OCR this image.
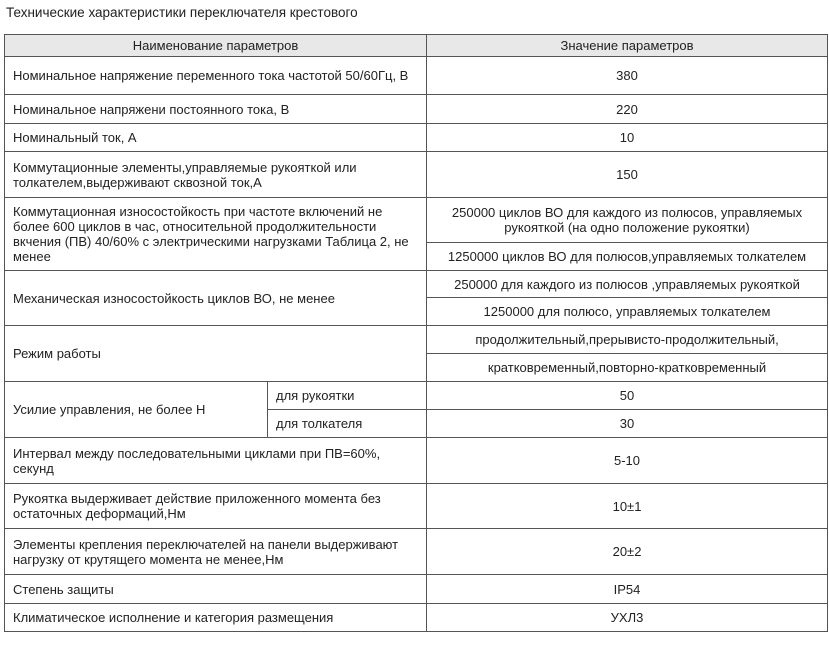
Технические характеристики переключателя крестового
Наименование параметров		Значение параметров
Номинальное напряжение переменного тока частотой 50/60Гц, В		380
Номинальное напряжени постоянного тока, В		220
Номинальный ток, А		10
Коммутационные элементы,управляемые рукояткой или толкателем,выдерживают сквозной ток,А		150
Коммутационная износостойкость при частоте включений не более 600 циклов в час, относительной продолжительности вкчения (ПВ) 40/60% с электрическими нагрузками Таблица 2, не менее		250000 циклов ВО для каждого из полюсов, управляемых рукояткой (на одно положение рукоятки)
		1250000 циклов ВО для полюсов,управляемых толкателем
Механическая износостойкость циклов ВО, не менее		250000 для каждого из полюсов ,управляемых рукояткой
		1250000 для полюсо, управляемых толкателем
Режим работы		продолжительный,прерывисто-продолжительный,
		кратковременный,повторно-кратковременный
Усилие управления, не более Н	для рукоятки	50
	для толкателя	30
Интервал между последовательными циклами при ПВ=60%, секунд		5-10
Рукоятка выдерживает действие приложенного момента без остаточных деформаций,Нм		10±1
Элементы крепления переключателей на панели выдерживают нагрузку от крутящего момента не менее,Нм		20±2
Степень защиты		IP54
Климатическое исполнение и категория размещения		УХЛ3
